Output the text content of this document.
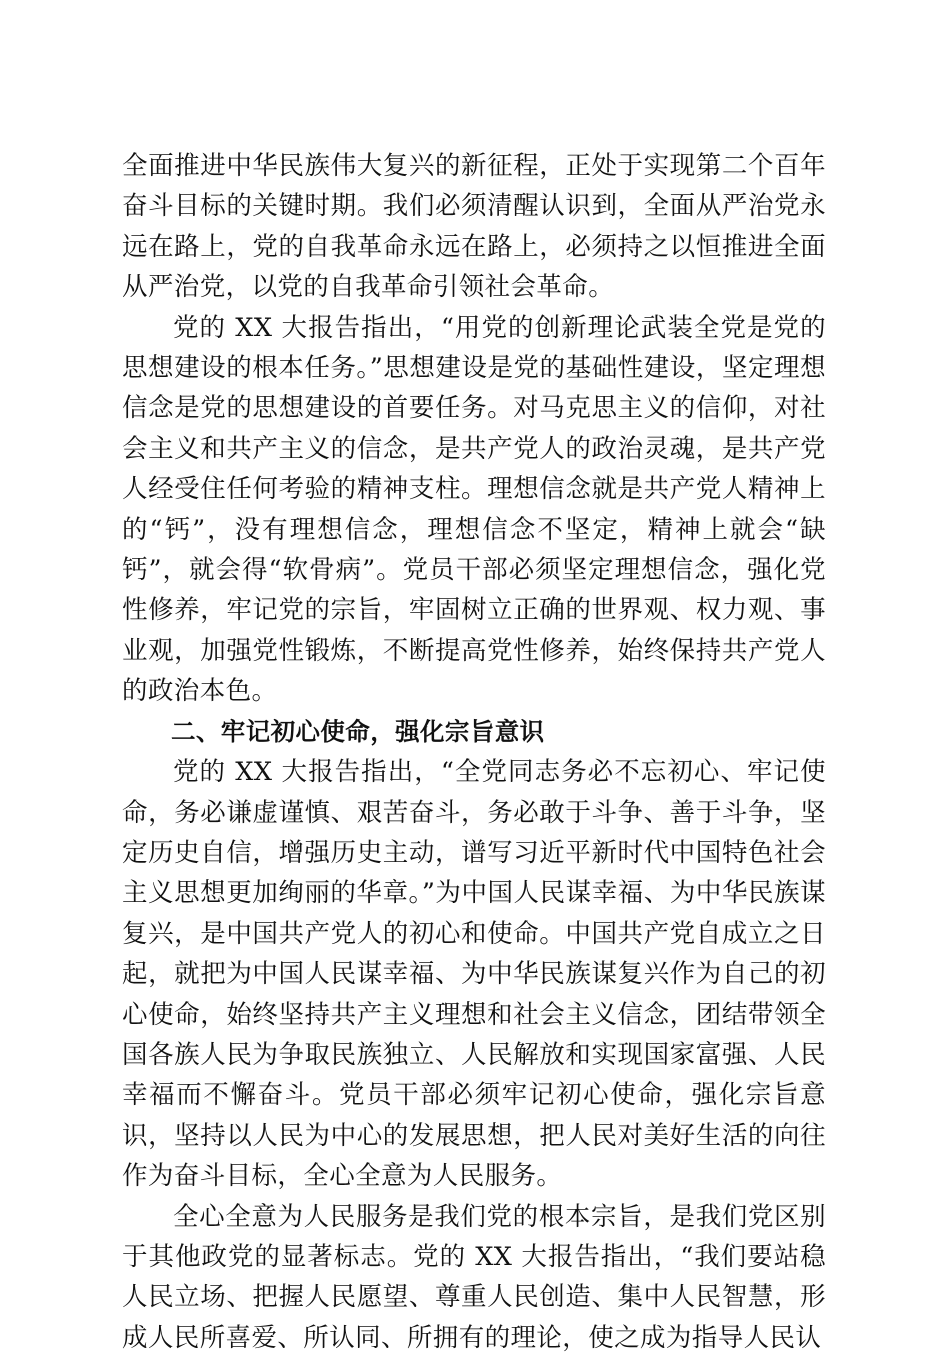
全面推进中华民族伟大复兴的新征程，正处于实现第二个百年奋斗目标的关键时期。我们必须清醒认识到，全面从严治党永远在路上，党的自我革命永远在路上，必须持之以恒推进全面从严治党，以党的自我革命引领社会革命。

党的 XX 大报告指出，“用党的创新理论武装全党是党的思想建设的根本任务。”思想建设是党的基础性建设，坚定理想信念是党的思想建设的首要任务。对马克思主义的信仰，对社会主义和共产主义的信念，是共产党人的政治灵魂，是共产党人经受住任何考验的精神支柱。理想信念就是共产党人精神上的“钙”，没有理想信念，理想信念不坚定，精神上就会“缺钙”，就会得“软骨病”。党员干部必须坚定理想信念，强化党性修养，牢记党的宗旨，牢固树立正确的世界观、权力观、事业观，加强党性锻炼，不断提高党性修养，始终保持共产党人的政治本色。

二、牢记初心使命，强化宗旨意识

党的 XX 大报告指出，“全党同志务必不忘初心、牢记使命，务必谦虚谨慎、艰苦奋斗，务必敢于斗争、善于斗争，坚定历史自信，增强历史主动，谱写习近平新时代中国特色社会主义思想更加绚丽的华章。”为中国人民谋幸福、为中华民族谋复兴，是中国共产党人的初心和使命。中国共产党自成立之日起，就把为中国人民谋幸福、为中华民族谋复兴作为自己的初心使命，始终坚持共产主义理想和社会主义信念，团结带领全国各族人民为争取民族独立、人民解放和实现国家富强、人民幸福而不懈奋斗。党员干部必须牢记初心使命，强化宗旨意识，坚持以人民为中心的发展思想，把人民对美好生活的向往作为奋斗目标，全心全意为人民服务。

全心全意为人民服务是我们党的根本宗旨，是我们党区别于其他政党的显著标志。党的 XX 大报告指出，“我们要站稳人民立场、把握人民愿望、尊重人民创造、集中人民智慧，形成人民所喜爱、所认同、所拥有的理论，使之成为指导人民认
